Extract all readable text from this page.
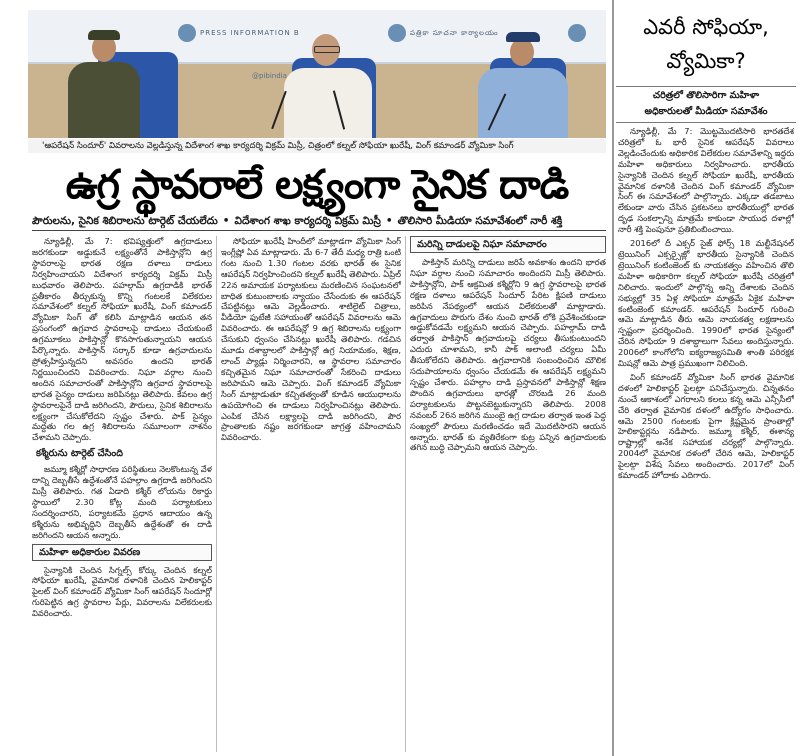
PRESS INFORMATION B	పత్రికా సూచనా కార్యాలయం
@pibindia
'ఆపరేషన్ సిందూర్' వివరాలను వెల్లడిస్తున్న విదేశాంగ శాఖ కార్యదర్శి విక్రమ్ మిస్రీ, చిత్రంలో కల్నల్ సోఫియా ఖురేషీ, వింగ్ కమాండర్ వ్యోమికా సింగ్
ఉగ్ర స్థావరాలే లక్ష్యంగా సైనిక దాడి
పౌరులను, సైనిక శిబిరాలను టార్గెట్ చేయలేదు • విదేశాంగ శాఖ కార్యదర్శి విక్రమ్ మిస్రీ • తొలిసారి మీడియా సమావేశంలో నారీ శక్తి

న్యూఢిల్లీ, మే 7: భవిష్యత్తులో ఉగ్రదాడులు జరగకుండా అడ్డుకునే లక్ష్యంతోనే పాకిస్తాన్లోని ఉగ్ర స్థావరాలపై భారత రక్షణ దళాలు దాడులు నిర్వహించాయని విదేశాంగ కార్యదర్శి విక్రమ్ మిస్రీ బుధవారం తెలిపారు. పహల్గామ్ ఉగ్రదాడికి భారత్ ప్రతీకారం తీర్చుకున్న కొన్ని గంటలకే విలేకరుల సమావేశంలో కల్నల్ సోఫియా ఖురేషీ, వింగ్ కమాండర్ వ్యోమికా సింగ్ తో కలిసి మాట్లాడిన ఆయన తన ప్రసంగంలో ఉగ్రవాద స్థావరాలపై దాడులు చేయకుంటే ఉగ్రమూకలు పాకిస్తాన్లో కొనసాగుతున్నాయని ఆయన పేర్కొన్నారు. పాకిస్తాన్ సర్కార్ కూడా ఉగ్రవాదులను ప్రోత్సహిస్తున్నదని అవసరం ఉందని భారత్ నిర్ణయించిందని వివరించారు. నిఘా వర్గాల నుంచి అందిన సమాచారంతో పాకిస్తాన్లోని ఉగ్రవాద స్థావరాలపై భారత సైన్యం దాడులు జరిపినట్లు తెలిపారు. కేవలం ఉగ్ర స్థావరాలపైనే దాడి జరిగిందని, పౌరులు, సైనిక శిబిరాలను లక్ష్యంగా చేసుకోలేదని స్పష్టం చేశారు. పాక్ సైన్యం మద్దతు గల ఉగ్ర శిబిరాలను సమూలంగా నాశనం చేశామని చెప్పారు.

కశ్మీరును టార్గెట్ చేసింది

జమ్మూ కశ్మీర్లో సాధారణ పరిస్థితులు నెలకొంటున్న వేళ దాన్ని దెబ్బతీసే ఉద్దేశంతోనే పహల్గాం ఉగ్రదాడి జరిగిందని మిస్రీ తెలిపారు. గత ఏడాది కశ్మీర్ లోయను రికార్డు స్థాయిలో 2.30 కోట్ల మంది పర్యాటకులు సందర్శించారని, పర్యాటకమే ప్రధాన ఆదాయం ఉన్న కశ్మీరును అభివృద్ధిని దెబ్బతీసే ఉద్దేశంతో ఈ దాడి జరిగిందని ఆయన అన్నారు.

మహిళా అధికారుల వివరణ

సైన్యానికి చెందిన సిగ్నల్స్ కోర్కు చెందిన కల్నల్ సోఫియా ఖురేషీ, వైమానిక దళానికి చెందిన హెలికాప్టర్ పైలట్ వింగ్ కమాండర్ వ్యోమికా సింగ్ ఆపరేషన్ సిందూర్లో గురిపెట్టిన ఉగ్ర స్థావరాల పేర్లు, వివరాలను విలేకరులకు వివరించారు.

సోఫియా ఖురేషీ హిందీలో మాట్లాడగా వ్యోమికా సింగ్ ఇంగ్లీష్లో ఏవ మాట్లాడారు. మే 6-7 తేదీ మధ్య రాత్రి ఒంటి గంట నుంచి 1.30 గంటల వరకు భారత్ ఈ సైనిక ఆపరేషన్ నిర్వహించిందని కల్నల్ ఖురేషీ తెలిపారు. ఏప్రిల్ 22న అమాయక పర్యాటకులు మరణించిన సంఘటనలో బాధిత కుటుంబాలకు న్యాయం చేసేందుకు ఈ ఆపరేషన్ చేపట్టినట్లు ఆమె వెల్లడించారు. శాటిలైట్ చిత్రాలు, వీడియో ఫుటేజీ సహాయంతో ఆపరేషన్ వివరాలను ఆమె వివరించారు. ఈ ఆపరేషన్లో 9 ఉగ్ర శిబిరాలను లక్ష్యంగా చేసుకుని ధ్వంసం చేసినట్లు ఖురేషీ తెలిపారు. గడచిన మూడు దశాబ్దాలలో పాకిస్తాన్లో ఉగ్ర నియామకం, శిక్షణ, లాంచ్ ప్యాడ్లు నిర్మించారని, ఆ స్థావరాల సమాచారం కచ్చితమైన నిఘా సమాచారంతో సేకరించి దాడులు జరిపామని ఆమె చెప్పారు. వింగ్ కమాండర్ వ్యోమికా సింగ్ మాట్లాడుతూ కచ్చితత్వంతో కూడిన ఆయుధాలను ఉపయోగించి ఈ దాడులు నిర్వహించినట్లు తెలిపారు. ఎంపిక చేసిన లక్ష్యాలపై దాడి జరిగిందని, పౌర ప్రాంతాలకు నష్టం జరగకుండా జాగ్రత్త వహించామని వివరించారు.

మరిన్ని దాడులపై నిఘా సమాచారం

పాకిస్తాన్ మరిన్ని దాడులు జరిపే అవకాశం ఉందని భారత నిఘా వర్గాల నుంచి సమాచారం అందిందని మిస్రీ తెలిపారు. పాకిస్తాన్లోని, పాక్ ఆక్రమిత కశ్మీర్లోని 9 ఉగ్ర స్థావరాలపై భారత రక్షణ దళాలు ఆపరేషన్ సిందూర్ పేరిట క్షిపణి దాడులు జరిపిన నేపథ్యంలో ఆయన విలేకరులతో మాట్లాడారు. ఉగ్రవాదులు పొరుగు దేశం నుంచి భారత్ లోకి ప్రవేశించకుండా అడ్డుకోవడమే లక్ష్యమని ఆయన చెప్పారు. పహల్గామ్ దాడి తర్వాత పాకిస్తాన్ ఉగ్రవాదులపై చర్యలు తీసుకుంటుందని ఎదురు చూశామని, కానీ పాక్ అలాంటి చర్యలు ఏమీ తీసుకోలేదని తెలిపారు. ఉగ్రవాదానికి సంబంధించిన మౌలిక సదుపాయాలను ధ్వంసం చేయడమే ఈ ఆపరేషన్ లక్ష్యమని స్పష్టం చేశారు. పహల్గాం దాడి ప్రస్తావనలో పాకిస్తాన్లో శిక్షణ పొందిన ఉగ్రవాదులు భారత్లో చొరబడి 26 మంది పర్యాటకులను పొట్టనబెట్టుకున్నారని తెలిపారు. 2008 నవంబర్ 26న జరిగిన ముంబై ఉగ్ర దాడుల తర్వాత ఇంత పెద్ద సంఖ్యలో పౌరులు మరణించడం ఇదే మొదటిసారని ఆయన అన్నారు. భారత్ కు వ్యతిరేకంగా కుట్ర పన్నిన ఉగ్రవాదులకు తగిన బుద్ధి చెప్పామని ఆయన చెప్పారు.

ఎవరీ సోఫియా,
వ్యోమికా?
చరిత్రలో తొలిసారిగా మహిళా
అధికారులతో మీడియా సమావేశం

న్యూఢిల్లీ, మే 7: మొట్టమొదటిసారి భారతదేశ చరిత్రలో ఓ భారీ సైనిక ఆపరేషన్ వివరాలు వెల్లడించేందుకు అధికారిక విలేకరుల సమావేశాన్ని ఇద్దరు మహిళా అధికారులు నిర్వహించారు. భారతీయ సైన్యానికి చెందిన కల్నల్ సోఫియా ఖురేషీ, భారతీయ వైమానిక దళానికి చెందిన వింగ్ కమాండర్ వ్యోమికా సింగ్ ఈ సమావేశంలో పాల్గొన్నారు. ఎక్కడా తడబాటు లేకుండా వారు చేసిన ప్రకటనలు భారతీయుల్లో భారత దృఢ సంకల్పాన్ని మాత్రమే కాకుండా సాయుధ దళాల్లో నారీ శక్తి పెంపునూ ప్రతిబింబించాయి.

2016లో దీ ఎక్సర్ సైజ్ ఫోర్స్ 18 మల్టీనేషనల్ ట్రెయినింగ్ ఎక్సర్సైజ్లో భారతీయ సైన్యానికి చెందిన ట్రెయినింగ్ కంటింజెంట్ కు నాయకత్వం వహించిన తొలి మహిళా అధికారిగా కల్నల్ సోఫియా ఖురేషీ చరిత్రలో నిలిచారు. ఇందులో పాల్గొన్న అన్ని దేశాలకు చెందిన సభ్యుల్లో 35 ఏళ్ల సోఫియా మాత్రమే ఏకైక మహిళా కంటింజెంట్ కమాండర్. ఆపరేషన్ సిందూర్ గురించి ఆమె మాట్లాడిన తీరు ఆమె నాయకత్వ లక్షణాలను స్పష్టంగా ప్రదర్శించింది. 1990లో భారత సైన్యంలో చేరిన సోఫియా 9 దశాబ్దాలుగా సేవలు అందిస్తున్నారు. 2006లో కాంగోలోని ఐక్యరాజ్యసమితి శాంతి పరిరక్షక మిషన్లో ఆమె పాత్ర ప్రముఖంగా నిలిచింది.

వింగ్ కమాండర్ వ్యోమికా సింగ్ భారత వైమానిక దళంలో హెలికాప్టర్ పైలట్గా పనిచేస్తున్నారు. చిన్నతనం నుంచే ఆకాశంలో ఎగరాలని కలలు కన్న ఆమె ఎన్సీసీలో చేరి తర్వాత వైమానిక దళంలో ఉద్యోగం సాధించారు. ఆమె 2500 గంటలకు పైగా క్లిష్టమైన ప్రాంతాల్లో హెలికాప్టర్లను నడిపారు. జమ్మూ కశ్మీర్, ఈశాన్య రాష్ట్రాల్లో అనేక సహాయక చర్యల్లో పాల్గొన్నారు. 2004లో వైమానిక దళంలో చేరిన ఆమె, హెలికాప్టర్ పైలట్గా విశేష సేవలు అందించారు. 2017లో వింగ్ కమాండర్ హోదాకు ఎదిగారు.
